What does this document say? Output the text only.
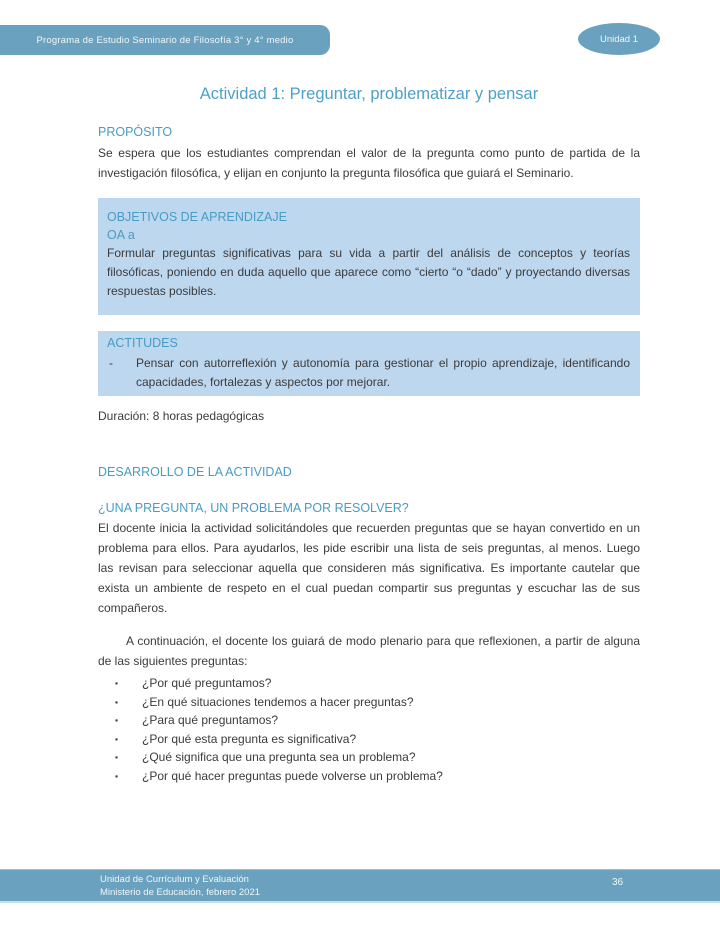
Programa de Estudio Seminario de Filosofía 3° y 4° medio	Unidad 1
Actividad 1: Preguntar, problematizar y pensar
PROPÓSITO

Se espera que los estudiantes comprendan el valor de la pregunta como punto de partida de la investigación filosófica, y elijan en conjunto la pregunta filosófica que guiará el Seminario.

OBJETIVOS DE APRENDIZAJE
OA a

Formular preguntas significativas para su vida a partir del análisis de conceptos y teorías filosóficas, poniendo en duda aquello que aparece como “cierto “o “dado” y proyectando diversas respuestas posibles.

ACTITUDES
- Pensar con autorreflexión y autonomía para gestionar el propio aprendizaje, identificando capacidades, fortalezas y aspectos por mejorar.

Duración: 8 horas pedagógicas

DESARROLLO DE LA ACTIVIDAD
¿UNA PREGUNTA, UN PROBLEMA POR RESOLVER?

El docente inicia la actividad solicitándoles que recuerden preguntas que se hayan convertido en un problema para ellos. Para ayudarlos, les pide escribir una lista de seis preguntas, al menos. Luego las revisan para seleccionar aquella que consideren más significativa. Es importante cautelar que exista un ambiente de respeto en el cual puedan compartir sus preguntas y escuchar las de sus compañeros.

A continuación, el docente los guiará de modo plenario para que reflexionen, a partir de alguna de las siguientes preguntas:

▪ ¿Por qué preguntamos?
▪ ¿En qué situaciones tendemos a hacer preguntas?
▪ ¿Para qué preguntamos?
▪ ¿Por qué esta pregunta es significativa?
▪ ¿Qué significa que una pregunta sea un problema?
▪ ¿Por qué hacer preguntas puede volverse un problema?
Unidad de Currículum y Evaluación
Ministerio de Educación, febrero 2021
36
